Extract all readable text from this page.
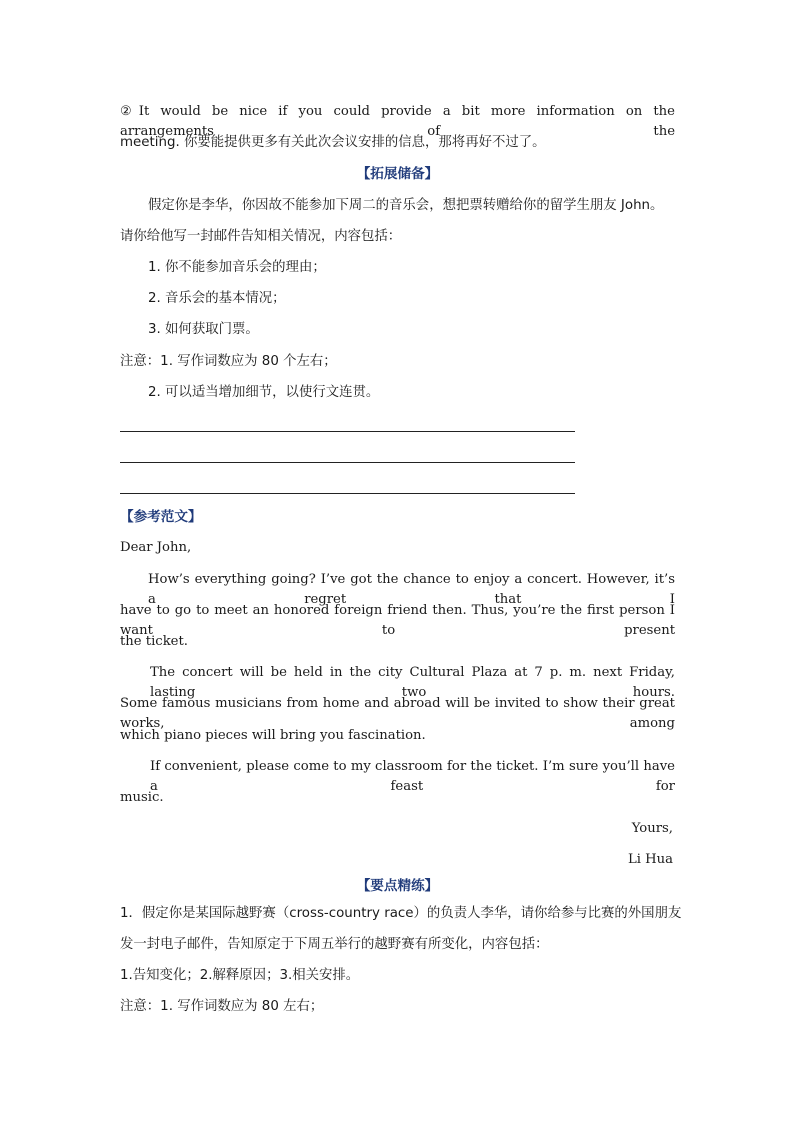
②It would be nice if you could provide a bit more information on the arrangements of the

meeting. 你要能提供更多有关此次会议安排的信息，那将再好不过了。

【拓展储备】

假定你是李华，你因故不能参加下周二的音乐会，想把票转赠给你的留学生朋友 John。

请你给他写一封邮件告知相关情况，内容包括：

1. 你不能参加音乐会的理由；

2. 音乐会的基本情况；

3. 如何获取门票。

注意：1. 写作词数应为 80 个左右；

2. 可以适当增加细节，以使行文连贯。

【参考范文】

Dear John,

How’s everything going? I’ve got the chance to enjoy a concert. However, it’s a regret that I

have to go to meet an honored foreign friend then. Thus, you’re the first person I want to present

the ticket.

The concert will be held in the city Cultural Plaza at 7 p. m. next Friday, lasting two hours.

Some famous musicians from home and abroad will be invited to show their great works, among

which piano pieces will bring you fascination.

If convenient, please come to my classroom for the ticket. I’m sure you’ll have a feast for

music.

Yours,

Li Hua

【要点精练】

1．假定你是某国际越野赛（cross-country race）的负责人李华，请你给参与比赛的外国朋友

发一封电子邮件，告知原定于下周五举行的越野赛有所变化，内容包括：

1.告知变化；2.解释原因；3.相关安排。

注意：1. 写作词数应为 80 左右；
